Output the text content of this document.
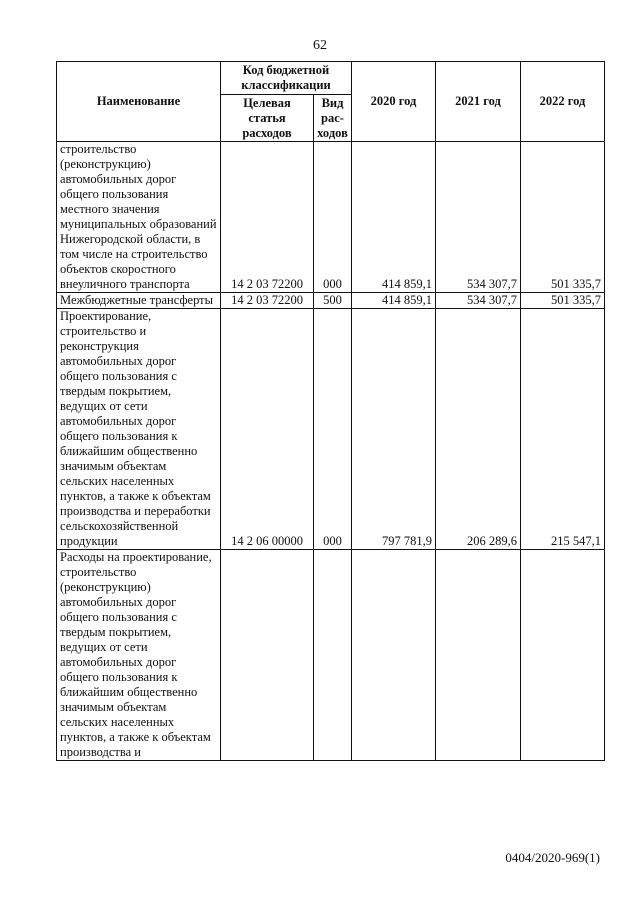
62
Наименование	Код бюджетной классификации		2020 год	2021 год	2022 год
	Целевая статья расходов	Вид рас-ходов			
строительство (реконструкцию) автомобильных дорог общего пользования местного значения муниципальных образований Нижегородской области, в том числе на строительство объектов скоростного внеуличного транспорта	14 2 03 72200	000	414 859,1	534 307,7	501 335,7
Межбюджетные трансферты	14 2 03 72200	500	414 859,1	534 307,7	501 335,7
Проектирование, строительство и реконструкция автомобильных дорог общего пользования с твердым покрытием, ведущих от сети автомобильных дорог общего пользования к ближайшим общественно значимым объектам сельских населенных пунктов, а также к объектам производства и переработки сельскохозяйственной продукции	14 2 06 00000	000	797 781,9	206 289,6	215 547,1
Расходы на проектирование, строительство (реконструкцию) автомобильных дорог общего пользования с твердым покрытием, ведущих от сети автомобильных дорог общего пользования к ближайшим общественно значимым объектам сельских населенных пунктов, а также к объектам производства и					
0404/2020-969(1)
